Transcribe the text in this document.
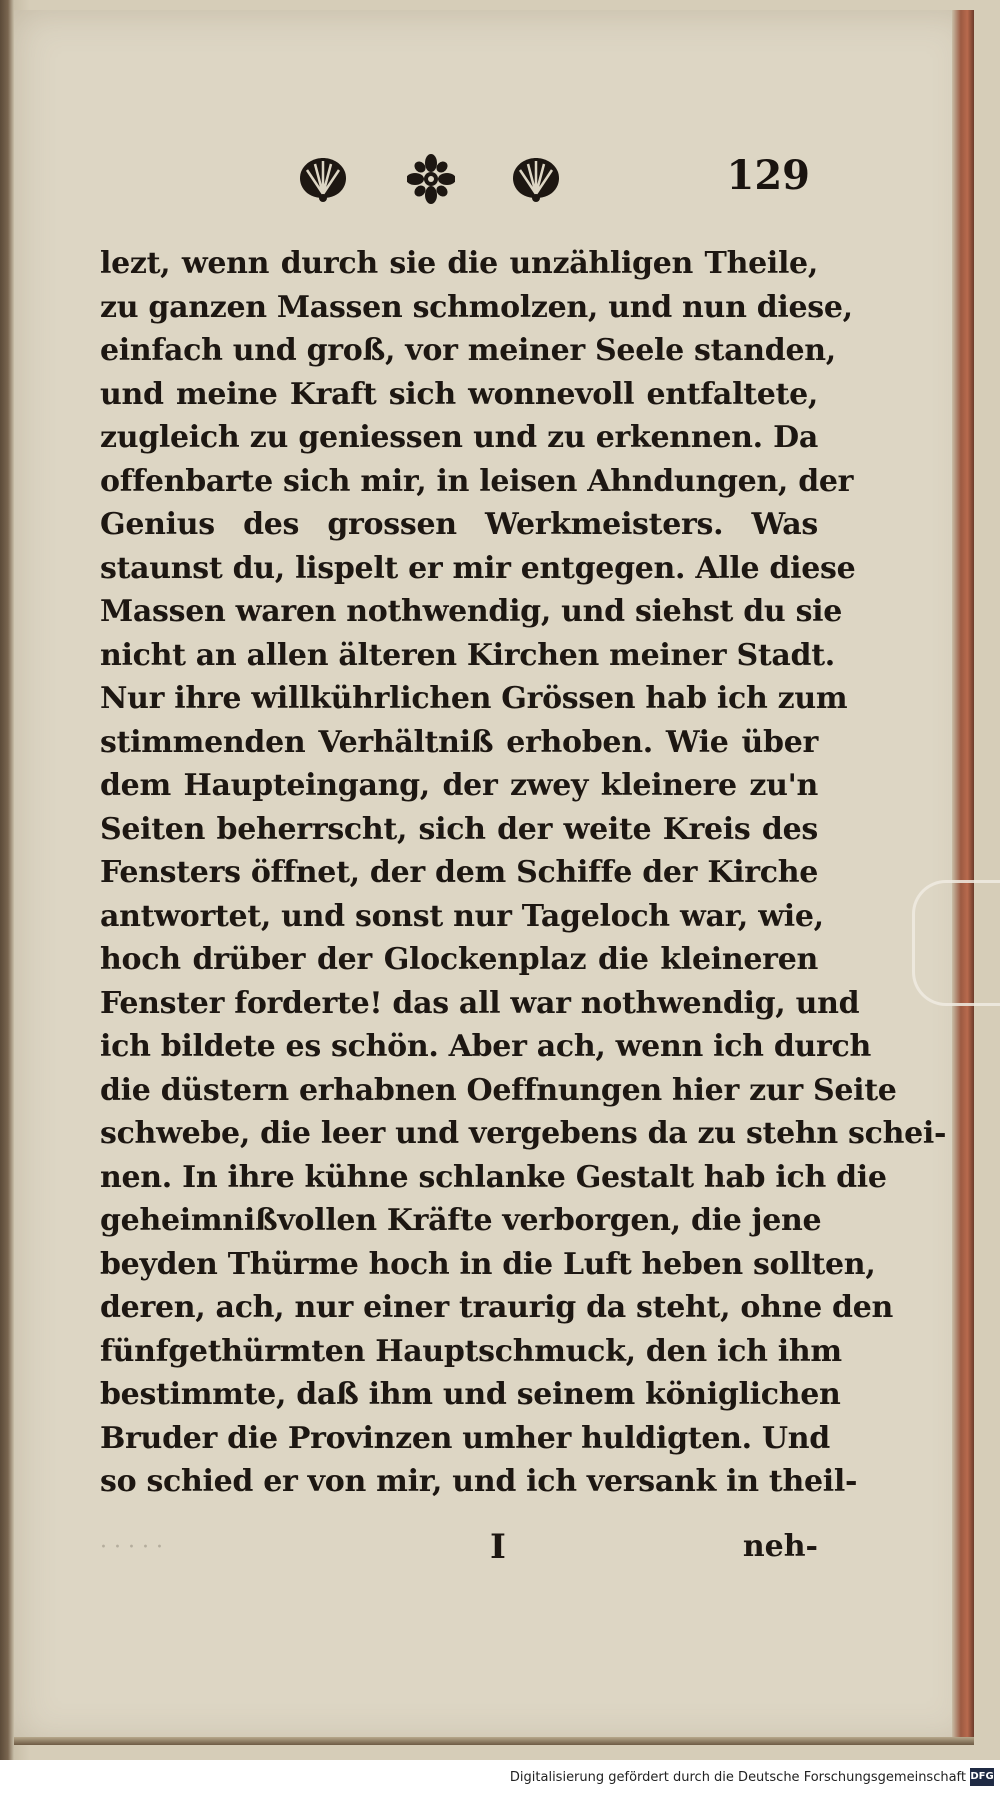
129
lezt, wenn durch sie die unzähligen Theile,
zu ganzen Massen schmolzen, und nun diese,
einfach und groß, vor meiner Seele standen,
und meine Kraft sich wonnevoll entfaltete,
zugleich zu geniessen und zu erkennen. Da
offenbarte sich mir, in leisen Ahndungen, der
Genius des grossen Werkmeisters. Was
staunst du, lispelt er mir entgegen. Alle diese
Massen waren nothwendig, und siehst du sie
nicht an allen älteren Kirchen meiner Stadt.
Nur ihre willkührlichen Grössen hab ich zum
stimmenden Verhältniß erhoben. Wie über
dem Haupteingang, der zwey kleinere zu'n
Seiten beherrscht, sich der weite Kreis des
Fensters öffnet, der dem Schiffe der Kirche
antwortet, und sonst nur Tageloch war, wie,
hoch drüber der Glockenplaz die kleineren
Fenster forderte! das all war nothwendig, und
ich bildete es schön. Aber ach, wenn ich durch
die düstern erhabnen Oeffnungen hier zur Seite
schwebe, die leer und vergebens da zu stehn schei-
nen. In ihre kühne schlanke Gestalt hab ich die
geheimnißvollen Kräfte verborgen, die jene
beyden Thürme hoch in die Luft heben sollten,
deren, ach, nur einer traurig da steht, ohne den
fünfgethürmten Hauptschmuck, den ich ihm
bestimmte, daß ihm und seinem königlichen
Bruder die Provinzen umher huldigten. Und
so schied er von mir, und ich versank in theil-
· · · · ·	I	neh-
Digitalisierung gefördert durch die Deutsche Forschungsgemeinschaft DFG
